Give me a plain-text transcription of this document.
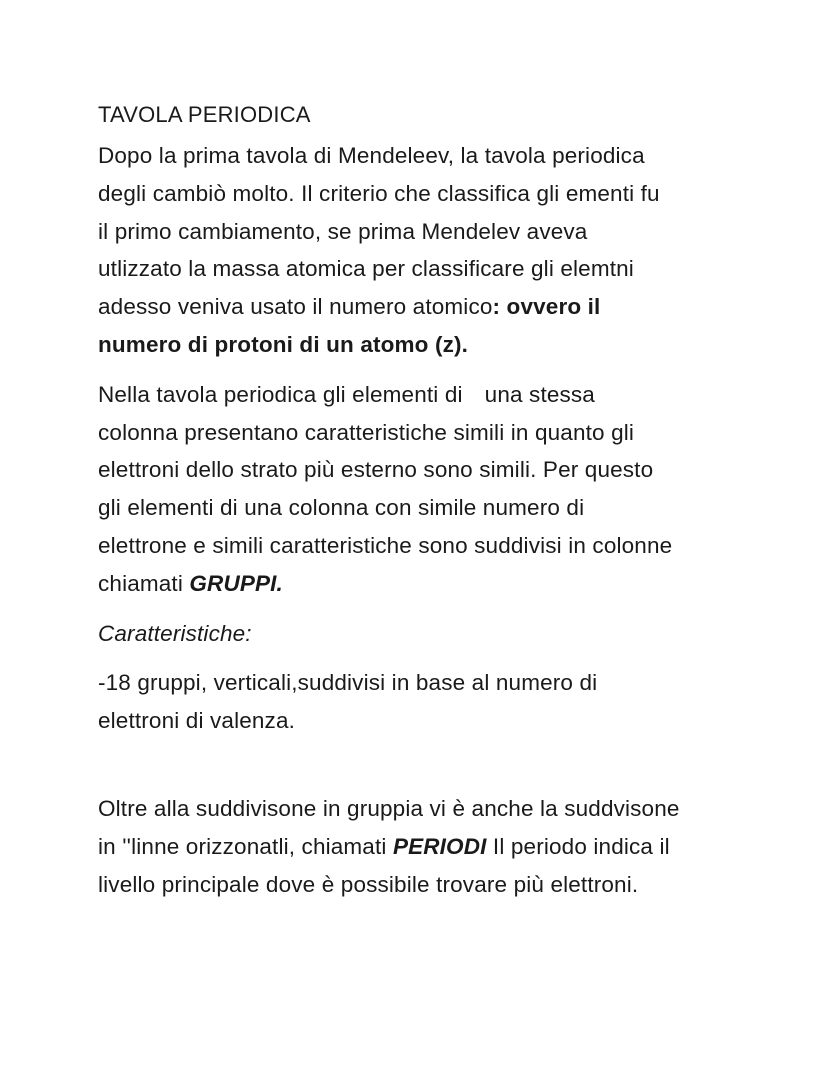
TAVOLA PERIODICA

Dopo la prima tavola di Mendeleev, la tavola periodica
degli cambiò molto. Il criterio che classifica gli ementi fu
il primo cambiamento, se prima Mendelev aveva
utlizzato la massa atomica per classificare gli elemtni
adesso veniva usato il numero atomico: ovvero il
numero di protoni di un atomo (z).

Nella tavola periodica gli elementi di una stessa
colonna presentano caratteristiche simili in quanto gli
elettroni dello strato più esterno sono simili. Per questo
gli elementi di una colonna con simile numero di
elettrone e simili caratteristiche sono suddivisi in colonne
chiamati GRUPPI.

Caratteristiche:

-18 gruppi, verticali,suddivisi in base al numero di
elettroni di valenza.

Oltre alla suddivisone in gruppia vi è anche la suddvisone
in ''linne orizzonatli, chiamati PERIODI Il periodo indica il
livello principale dove è possibile trovare più elettroni.
